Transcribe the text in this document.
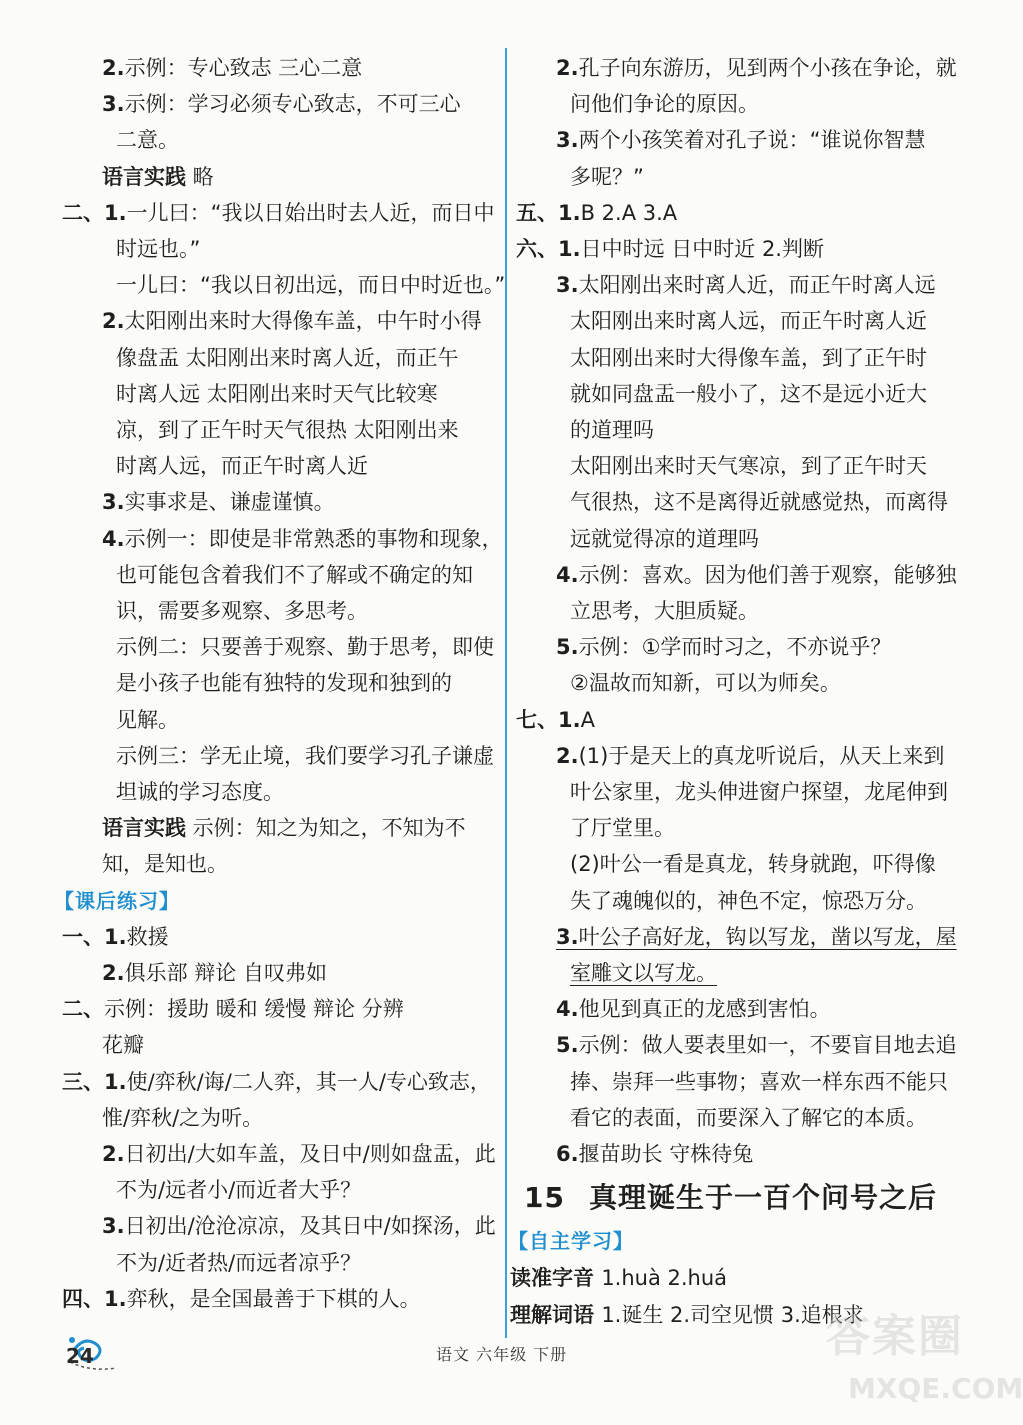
2.示例：专心致志 三心二意
3.示例：学习必须专心致志，不可三心
二意。
语言实践 略
二、1.一儿曰：“我以日始出时去人近，而日中
时远也。”
一儿曰：“我以日初出远，而日中时近也。”
2.太阳刚出来时大得像车盖，中午时小得
像盘盂 太阳刚出来时离人近，而正午
时离人远 太阳刚出来时天气比较寒
凉，到了正午时天气很热 太阳刚出来
时离人远，而正午时离人近
3.实事求是、谦虚谨慎。
4.示例一：即使是非常熟悉的事物和现象，
也可能包含着我们不了解或不确定的知
识，需要多观察、多思考。
示例二：只要善于观察、勤于思考，即使
是小孩子也能有独特的发现和独到的
见解。
示例三：学无止境，我们要学习孔子谦虚
坦诚的学习态度。
语言实践 示例：知之为知之，不知为不
知，是知也。
【课后练习】
一、1.救援
2.俱乐部 辩论 自叹弗如
二、示例：援助 暖和 缓慢 辩论 分辨
花瓣
三、1.使/弈秋/诲/二人弈，其一人/专心致志，
惟/弈秋/之为听。
2.日初出/大如车盖，及日中/则如盘盂，此
不为/远者小/而近者大乎？
3.日初出/沧沧凉凉，及其日中/如探汤，此
不为/近者热/而远者凉乎？
四、1.弈秋，是全国最善于下棋的人。
2.孔子向东游历，见到两个小孩在争论，就
问他们争论的原因。
3.两个小孩笑着对孔子说：“谁说你智慧
多呢？”
五、1.B 2.A 3.A
六、1.日中时远 日中时近 2.判断
3.太阳刚出来时离人近，而正午时离人远
太阳刚出来时离人远，而正午时离人近
太阳刚出来时大得像车盖，到了正午时
就如同盘盂一般小了，这不是远小近大
的道理吗
太阳刚出来时天气寒凉，到了正午时天
气很热，这不是离得近就感觉热，而离得
远就觉得凉的道理吗
4.示例：喜欢。因为他们善于观察，能够独
立思考，大胆质疑。
5.示例：①学而时习之，不亦说乎？
②温故而知新，可以为师矣。
七、1.A
2.(1)于是天上的真龙听说后，从天上来到
叶公家里，龙头伸进窗户探望，龙尾伸到
了厅堂里。
(2)叶公一看是真龙，转身就跑，吓得像
失了魂魄似的，神色不定，惊恐万分。
3.叶公子高好龙，钩以写龙，凿以写龙，屋
室雕文以写龙。
4.他见到真正的龙感到害怕。
5.示例：做人要表里如一，不要盲目地去追
捧、崇拜一些事物；喜欢一样东西不能只
看它的表面，而要深入了解它的本质。
6.揠苗助长 守株待兔
15 真理诞生于一百个问号之后
【自主学习】
读准字音 1.huà 2.huá
理解词语 1.诞生 2.司空见惯 3.追根求
24	语文 六年级 下册	答案圈
MXQE.COM
